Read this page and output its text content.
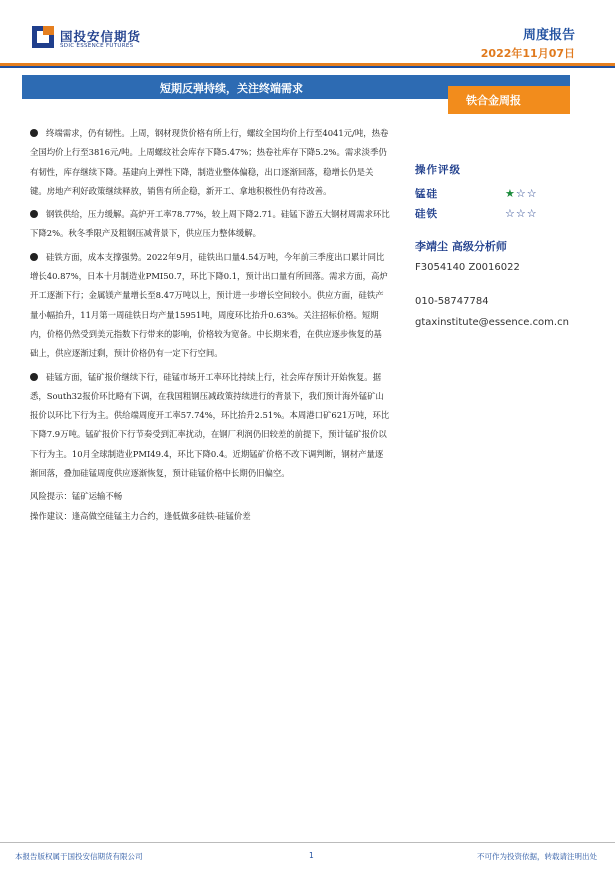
国投安信期货
SDIC ESSENCE FUTURES
周度报告
2022年11月07日
短期反弹持续，关注终端需求
铁合金周报

终端需求，仍有韧性。上周，钢材现货价格有所上行，螺纹全国均价上行至4041元/吨，热卷全国均价上行至3816元/吨。上周螺纹社会库存下降5.47%；热卷社库存下降5.2%。需求淡季仍有韧性，库存继续下降。基建向上弹性下降，制造业整体偏稳，出口逐渐回落，稳增长仍是关键。房地产利好政策继续释放，销售有所企稳，新开工、拿地积极性仍有待改善。

钢铁供给，压力缓解。高炉开工率78.77%，较上周下降2.71。硅锰下游五大钢材周需求环比下降2%。秋冬季限产及粗钢压减背景下，供应压力整体缓解。

硅铁方面，成本支撑强势。2022年9月，硅铁出口量4.54万吨，今年前三季度出口累计同比增长40.87%，日本十月制造业PMI50.7，环比下降0.1，预计出口量有所回落。需求方面，高炉开工逐渐下行；金属镁产量增长至8.47万吨以上，预计进一步增长空间较小。供应方面，硅铁产量小幅抬升，11月第一周硅铁日均产量15951吨，周度环比抬升0.63%。关注招标价格。短期内，价格仍然受到美元指数下行带来的影响，价格较为宽备。中长期来看，在供应逐步恢复的基础上，供应逐渐过剩，预计价格仍有一定下行空间。

硅锰方面，锰矿报价继续下行，硅锰市场开工率环比持续上行，社会库存预计开始恢复。据悉，South32报价环比略有下调，在我国粗钢压减政策持续进行的背景下，我们预计海外锰矿山报价以环比下行为主。供给端周度开工率57.74%，环比抬升2.51%。本周港口矿621万吨，环比下降7.9万吨。锰矿报价下行节奏受到汇率扰动，在钢厂利润仍旧较差的前提下，预计锰矿报价以下行为主。10月全球制造业PMI49.4，环比下降0.4。近期锰矿价格不改下调判断，钢材产量逐渐回落，叠加硅锰周度供应逐渐恢复，预计硅锰价格中长期仍旧偏空。

风险提示：锰矿运输不畅

操作建议：逢高做空硅锰主力合约，逢低做多硅铁-硅锰价差

操作评级
锰硅	★☆☆
硅铁	☆☆☆
李靖尘 高级分析师
F3054140 Z0016022
010-58747784
gtaxinstitute@essence.com.cn
本报告版权属于国投安信期货有限公司	1	不可作为投资依据，转载请注明出处
